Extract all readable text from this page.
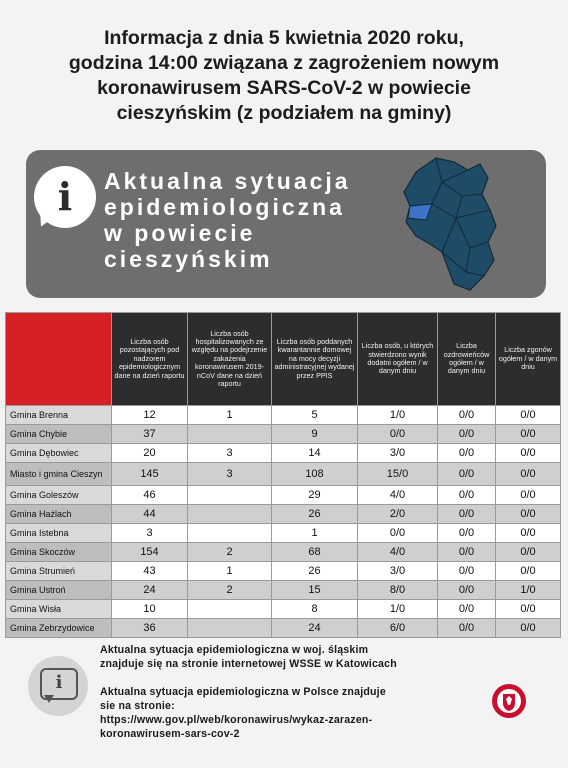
Informacja z dnia 5 kwietnia 2020 roku,
godzina 14:00 związana z zagrożeniem nowym
koronawirusem SARS-CoV-2 w powiecie
cieszyńskim (z podziałem na gminy)
i	Aktualna sytuacja
epidemiologiczna
w powiecie
cieszyńskim
	Liczba osób pozostających pod nadzorem epidemiologicznym dane na dzień raportu	Liczba osób hospitalizowanych ze względu na podejrzenie zakażenia koronawirusem 2019-nCoV dane na dzień raportu	Liczba osób poddanych kwarantannie domowej na mocy decyzji administracyjnej wydanej przez PPIS	Liczba osób, u których stwierdzono wynik dodatni ogółem / w danym dniu	Liczba ozdrowieńców ogółem / w danym dniu	Liczba zgonów ogółem / w danym dniu
Gmina Brenna	12	1	5	1/0	0/0	0/0
Gmina Chybie	37		9	0/0	0/0	0/0
Gmina Dębowiec	20	3	14	3/0	0/0	0/0
Miasto i gmina Cieszyn	145	3	108	15/0	0/0	0/0
Gmina Goleszów	46		29	4/0	0/0	0/0
Gmina Hażlach	44		26	2/0	0/0	0/0
Gmina Istebna	3		1	0/0	0/0	0/0
Gmina Skoczów	154	2	68	4/0	0/0	0/0
Gmina Strumień	43	1	26	3/0	0/0	0/0
Gmina Ustroń	24	2	15	8/0	0/0	1/0
Gmina Wisła	10		8	1/0	0/0	0/0
Gmina Zebrzydowice	36		24	6/0	0/0	0/0
i
Aktualna sytuacja epidemiologiczna w woj. śląskim
znajduje się na stronie internetowej WSSE w Katowicach
Aktualna sytuacja epidemiologiczna w Polsce znajduje
sie na stronie:
https://www.gov.pl/web/koronawirus/wykaz-zarazen-
koronawirusem-sars-cov-2
